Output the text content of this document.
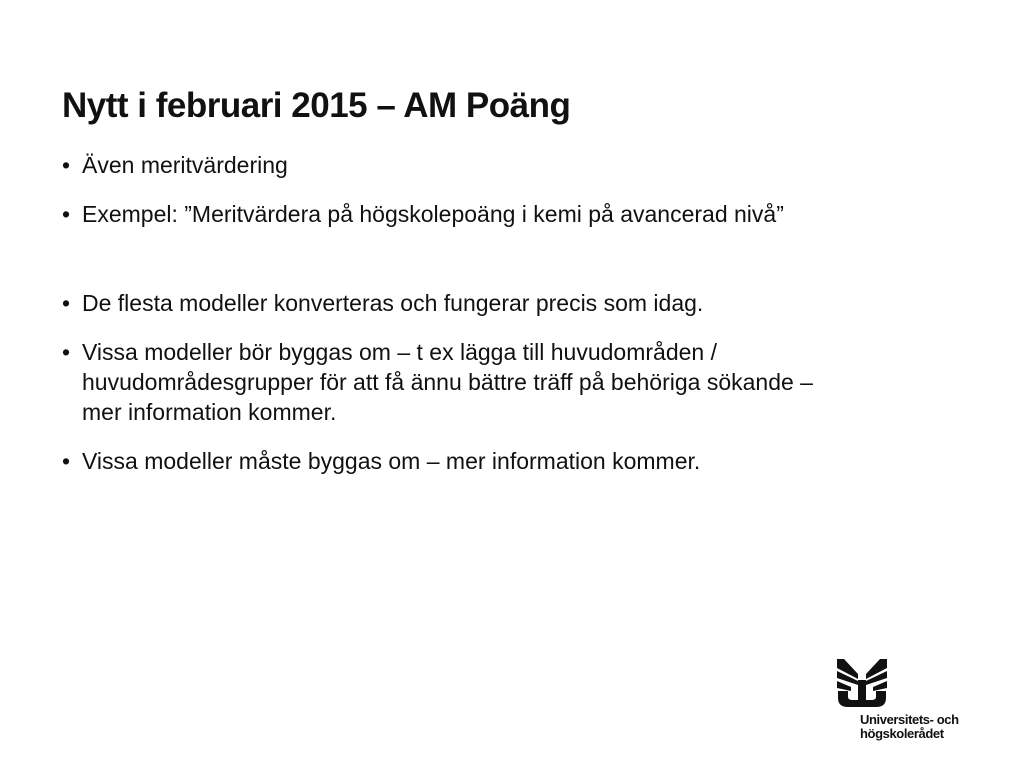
Nytt i februari 2015 – AM Poäng
• Även meritvärdering
• Exempel: ”Meritvärdera på högskolepoäng i kemi på avancerad nivå”
• De flesta modeller konverteras och fungerar precis som idag.
• Vissa modeller bör byggas om – t ex lägga till huvudområden / huvudområdesgrupper för att få ännu bättre träff på behöriga sökande – mer information kommer.
• Vissa modeller måste byggas om – mer information kommer.
Universitets- och
högskolerådet
